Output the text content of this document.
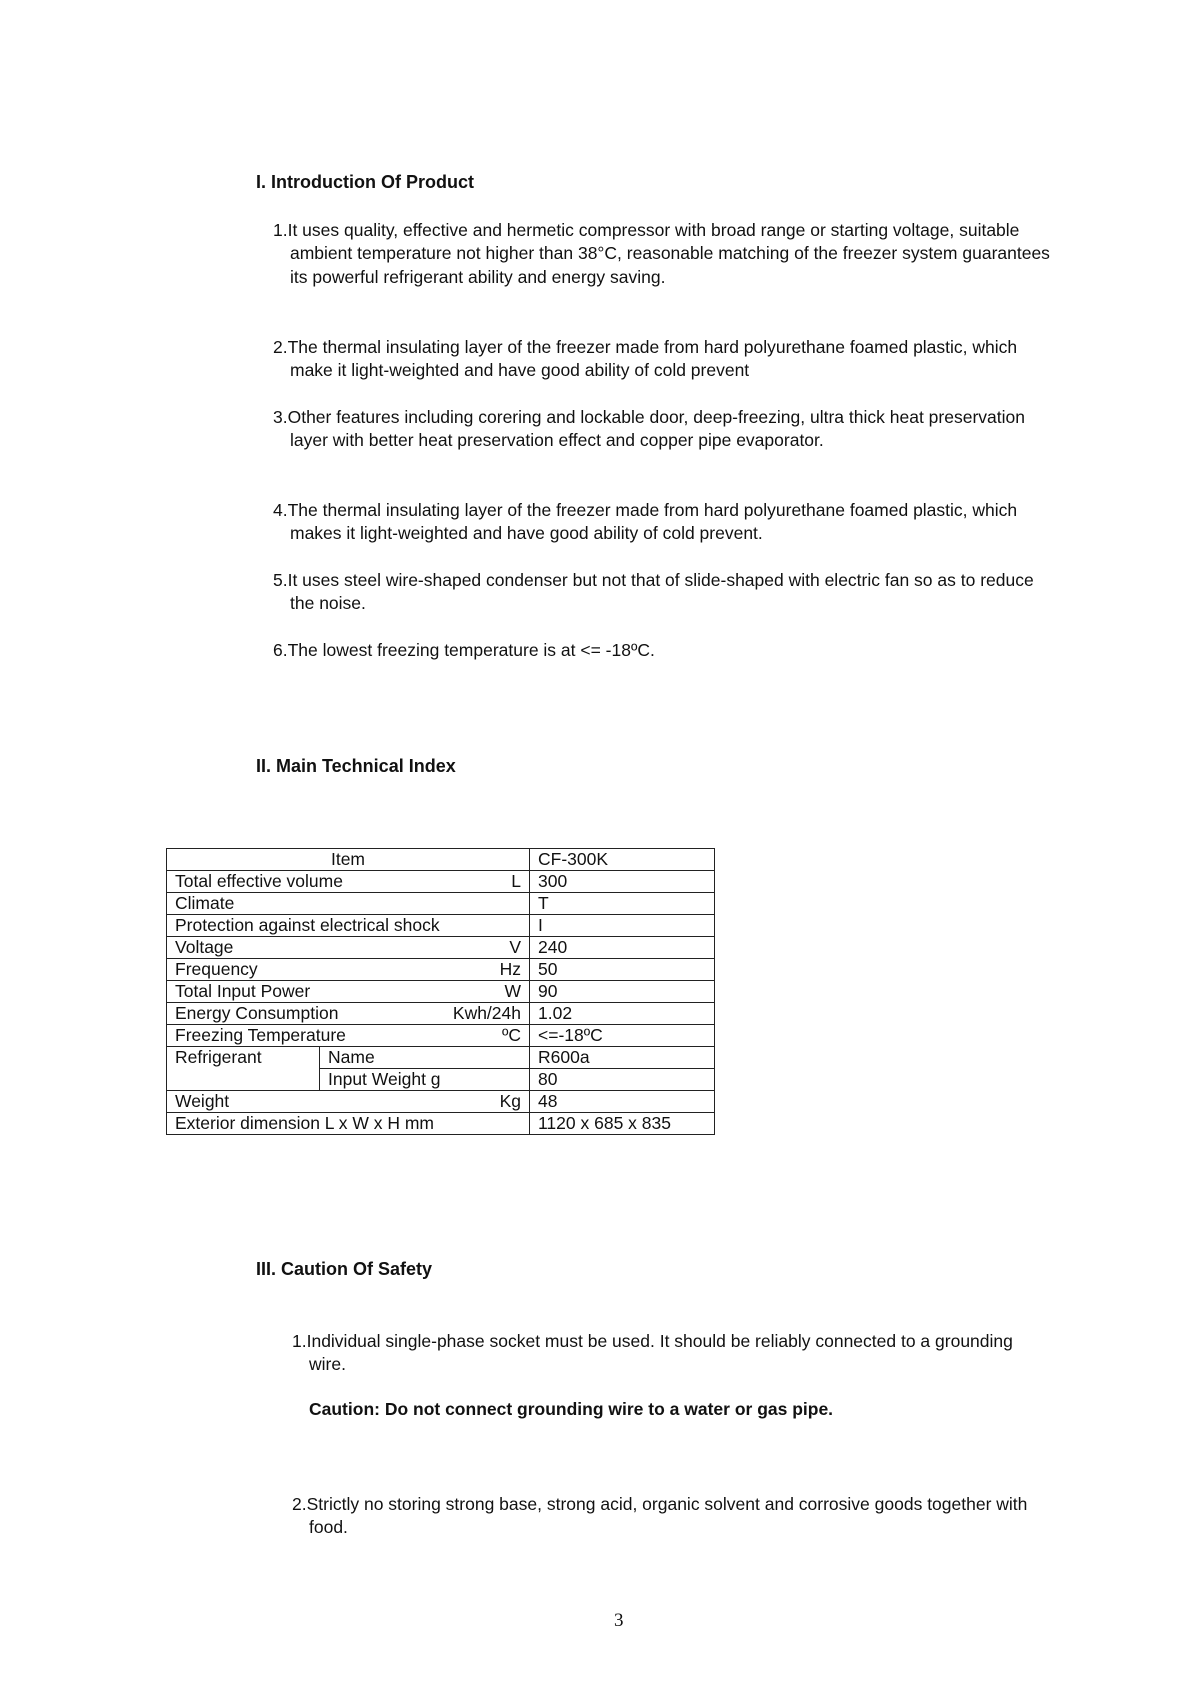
I. Introduction Of Product
1.It uses quality, effective and hermetic compressor with broad range or starting voltage, suitable ambient temperature not higher than 38°C, reasonable matching of the freezer system guarantees its powerful refrigerant ability and energy saving.
2.The thermal insulating layer of the freezer made from hard polyurethane foamed plastic, which make it light-weighted and have good ability of cold prevent
3.Other features including corering and lockable door, deep-freezing, ultra thick heat preservation layer with better heat preservation effect and copper pipe evaporator.
4.The thermal insulating layer of the freezer made from hard polyurethane foamed plastic, which makes it light-weighted and have good ability of cold prevent.
5.It uses steel wire-shaped condenser but not that of slide-shaped with electric fan so as to reduce the noise.
6.The lowest freezing temperature is at <= -18ºC.
II. Main Technical Index
Item		CF-300K
Total effective volume L		300
Climate		T
Protection against electrical shock		I
Voltage V		240
Frequency Hz		50
Total Input Power W		90
Energy Consumption Kwh/24h		1.02
Freezing Temperature ºC		<=-18ºC
Refrigerant	Name	R600a
	Input Weight g	80
Weight Kg		48
Exterior dimension L x W x H mm		1120 x 685 x 835
III. Caution Of Safety
1.Individual single-phase socket must be used. It should be reliably connected to a grounding wire.
Caution: Do not connect grounding wire to a water or gas pipe.
2.Strictly no storing strong base, strong acid, organic solvent and corrosive goods together with food.
3
